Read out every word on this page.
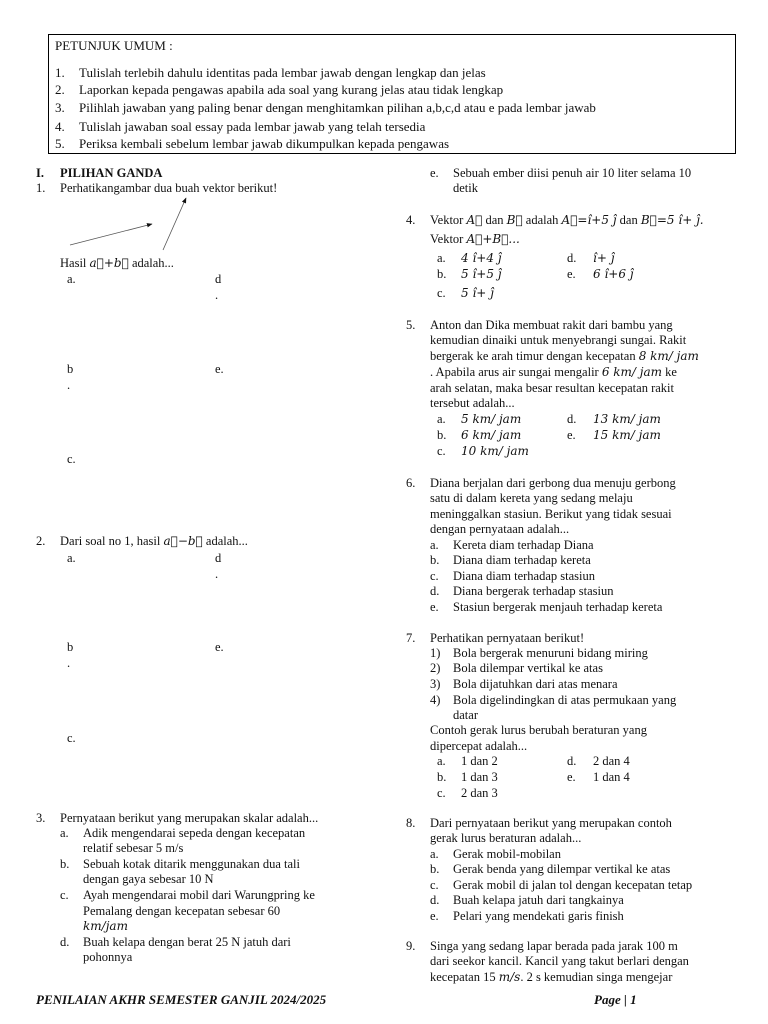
PETUNJUK UMUM :
1. Tulislah terlebih dahulu identitas pada lembar jawab dengan lengkap dan jelas
2. Laporkan kepada pengawas apabila ada soal yang kurang jelas atau tidak lengkap
3. Pilihlah jawaban yang paling benar dengan menghitamkan pilihan a,b,c,d atau e pada lembar jawab
4. Tulislah jawaban soal essay pada lembar jawab yang telah tersedia
5. Periksa kembali sebelum lembar jawab dikumpulkan kepada pengawas
I. PILIHAN GANDA
1. Perhatikangambar dua buah vektor berikut!
Hasil a⃗+b⃗ adalah...
a.	d
.
b
.
e.
c.
2. Dari soal no 1, hasil a⃗−b⃗ adalah...
a.	d
.
b
.
e.
c.
3. Pernyataan berikut yang merupakan skalar adalah...
a. Adik mengendarai sepeda dengan kecepatan
relatif sebesar 5 m/s
b. Sebuah kotak ditarik menggunakan dua tali
dengan gaya sebesar 10 N
c. Ayah mengendarai mobil dari Warungpring ke
Pemalang dengan kecepatan sebesar 60
km/jam
d. Buah kelapa dengan berat 25 N jatuh dari
pohonnya
e. Sebuah ember diisi penuh air 10 liter selama 10
detik
4. Vektor A⃗ dan B⃗ adalah A⃗=î+5 ĵ dan B⃗=5 î+ ĵ.
Vektor A⃗+B⃗...
a. 4 î+4 ĵ
b. 5 î+5 ĵ
c. 5 î+ ĵ
d. î+ ĵ
e. 6 î+6 ĵ
5. Anton dan Dika membuat rakit dari bambu yang
kemudian dinaiki untuk menyebrangi sungai. Rakit
bergerak ke arah timur dengan kecepatan 8 km/ jam
. Apabila arus air sungai mengalir 6 km/ jam ke
arah selatan, maka besar resultan kecepatan rakit
tersebut adalah...
a. 5 km/ jam
b. 6 km/ jam
c. 10 km/ jam
d. 13 km/ jam
e. 15 km/ jam
6. Diana berjalan dari gerbong dua menuju gerbong
satu di dalam kereta yang sedang melaju
meninggalkan stasiun. Berikut yang tidak sesuai
dengan pernyataan adalah...
a. Kereta diam terhadap Diana
b. Diana diam terhadap kereta
c. Diana diam terhadap stasiun
d. Diana bergerak terhadap stasiun
e. Stasiun bergerak menjauh terhadap kereta
7. Perhatikan pernyataan berikut!
1) Bola bergerak menuruni bidang miring
2) Bola dilempar vertikal ke atas
3) Bola dijatuhkan dari atas menara
4) Bola digelindingkan di atas permukaan yang
datar
Contoh gerak lurus berubah beraturan yang
dipercepat adalah...
a. 1 dan 2
b. 1 dan 3
c. 2 dan 3
d. 2 dan 4
e. 1 dan 4
8. Dari pernyataan berikut yang merupakan contoh
gerak lurus beraturan adalah...
a. Gerak mobil-mobilan
b. Gerak benda yang dilempar vertikal ke atas
c. Gerak mobil di jalan tol dengan kecepatan tetap
d. Buah kelapa jatuh dari tangkainya
e. Pelari yang mendekati garis finish
9. Singa yang sedang lapar berada pada jarak 100 m
dari seekor kancil. Kancil yang takut berlari dengan
kecepatan 15 m/s. 2 s kemudian singa mengejar
PENILAIAN AKHR SEMESTER GANJIL 2024/2025	Page | 1
